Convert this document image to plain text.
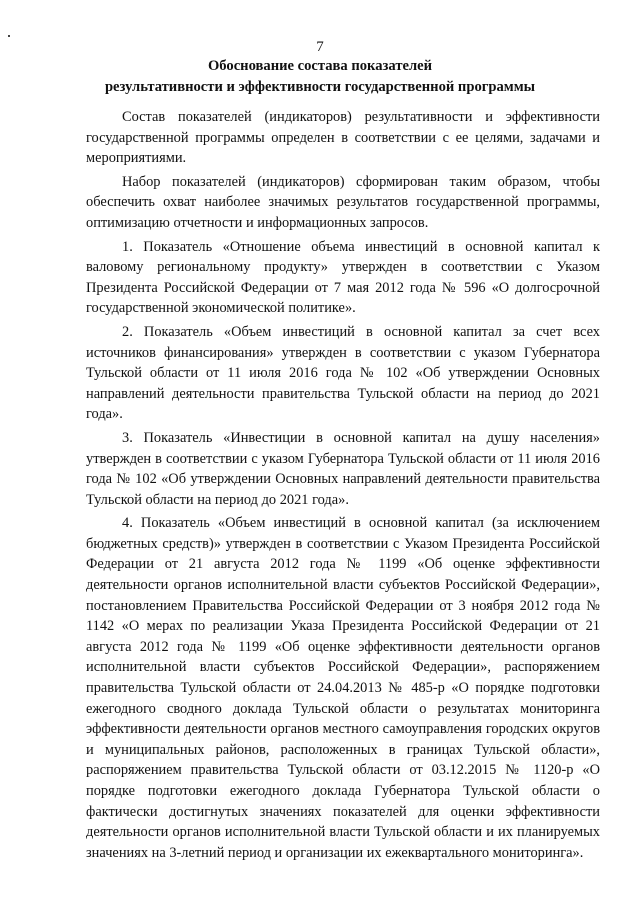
7
Обоснование состава показателей
результативности и эффективности государственной программы

Состав показателей (индикаторов) результативности и эффективности государственной программы определен в соответствии с ее целями, задачами и мероприятиями.

Набор показателей (индикаторов) сформирован таким образом, чтобы обеспечить охват наиболее значимых результатов государственной программы, оптимизацию отчетности и информационных запросов.

1. Показатель «Отношение объема инвестиций в основной капитал к валовому региональному продукту» утвержден в соответствии с Указом Президента Российской Федерации от 7 мая 2012 года № 596 «О долгосрочной государственной экономической политике».

2. Показатель «Объем инвестиций в основной капитал за счет всех источников финансирования» утвержден в соответствии с указом Губернатора Тульской области от 11 июля 2016 года № 102 «Об утверждении Основных направлений деятельности правительства Тульской области на период до 2021 года».

3. Показатель «Инвестиции в основной капитал на душу населения» утвержден в соответствии с указом Губернатора Тульской области от 11 июля 2016 года № 102 «Об утверждении Основных направлений деятельности правительства Тульской области на период до 2021 года».

4. Показатель «Объем инвестиций в основной капитал (за исключением бюджетных средств)» утвержден в соответствии с Указом Президента Российской Федерации от 21 августа 2012 года № 1199 «Об оценке эффективности деятельности органов исполнительной власти субъектов Российской Федерации», постановлением Правительства Российской Федерации от 3 ноября 2012 года № 1142 «О мерах по реализации Указа Президента Российской Федерации от 21 августа 2012 года № 1199 «Об оценке эффективности деятельности органов исполнительной власти субъектов Российской Федерации», распоряжением правительства Тульской области от 24.04.2013 № 485-р «О порядке подготовки ежегодного сводного доклада Тульской области о результатах мониторинга эффективности деятельности органов местного самоуправления городских округов и муниципальных районов, расположенных в границах Тульской области», распоряжением правительства Тульской области от 03.12.2015 № 1120-р «О порядке подготовки ежегодного доклада Губернатора Тульской области о фактически достигнутых значениях показателей для оценки эффективности деятельности органов исполнительной власти Тульской области и их планируемых значениях на 3-летний период и организации их ежеквартального мониторинга».
